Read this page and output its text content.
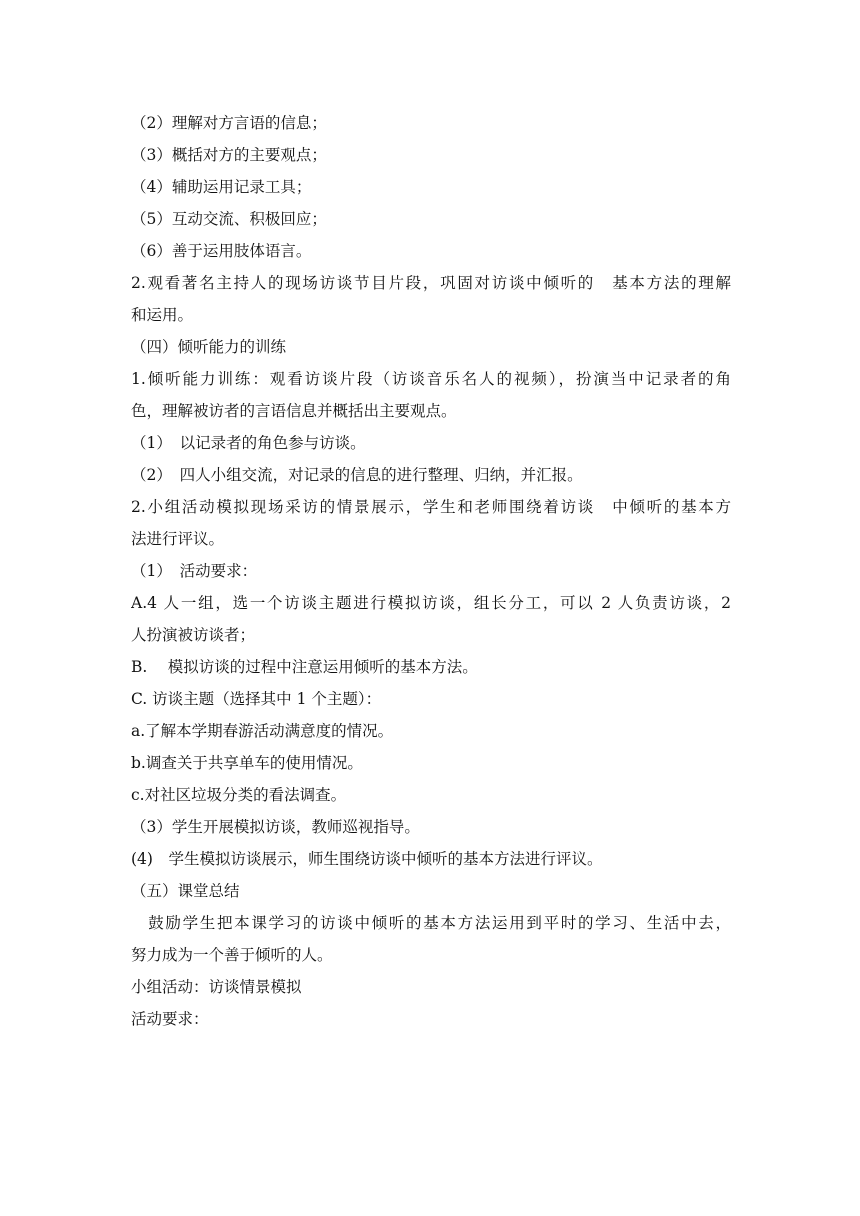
（2）理解对方言语的信息；
（3）概括对方的主要观点；
（4）辅助运用记录工具；
（5）互动交流、积极回应；
（6）善于运用肢体语言。
2.观看著名主持人的现场访谈节目片段，巩固对访谈中倾听的　基本方法的理解
和运用。
（四）倾听能力的训练
1.倾听能力训练：观看访谈片段（访谈音乐名人的视频），扮演当中记录者的角
色，理解被访者的言语信息并概括出主要观点。
（1）　以记录者的角色参与访谈。
（2）　四人小组交流，对记录的信息的进行整理、归纳，并汇报。
2.小组活动模拟现场采访的情景展示，学生和老师围绕着访谈　中倾听的基本方
法进行评议。
（1）　活动要求：
A.4 人一组，选一个访谈主题进行模拟访谈，组长分工，可以 2 人负责访谈，2
人扮演被访谈者；
B.　 模拟访谈的过程中注意运用倾听的基本方法。
C. 访谈主题（选择其中 1 个主题）：
a.了解本学期春游活动满意度的情况。
b.调查关于共享单车的使用情况。
c.对社区垃圾分类的看法调查。
（3）学生开展模拟访谈，教师巡视指导。
(4)　学生模拟访谈展示，师生围绕访谈中倾听的基本方法进行评议。
（五）课堂总结
　鼓励学生把本课学习的访谈中倾听的基本方法运用到平时的学习、生活中去，
努力成为一个善于倾听的人。
小组活动：访谈情景模拟
活动要求：
